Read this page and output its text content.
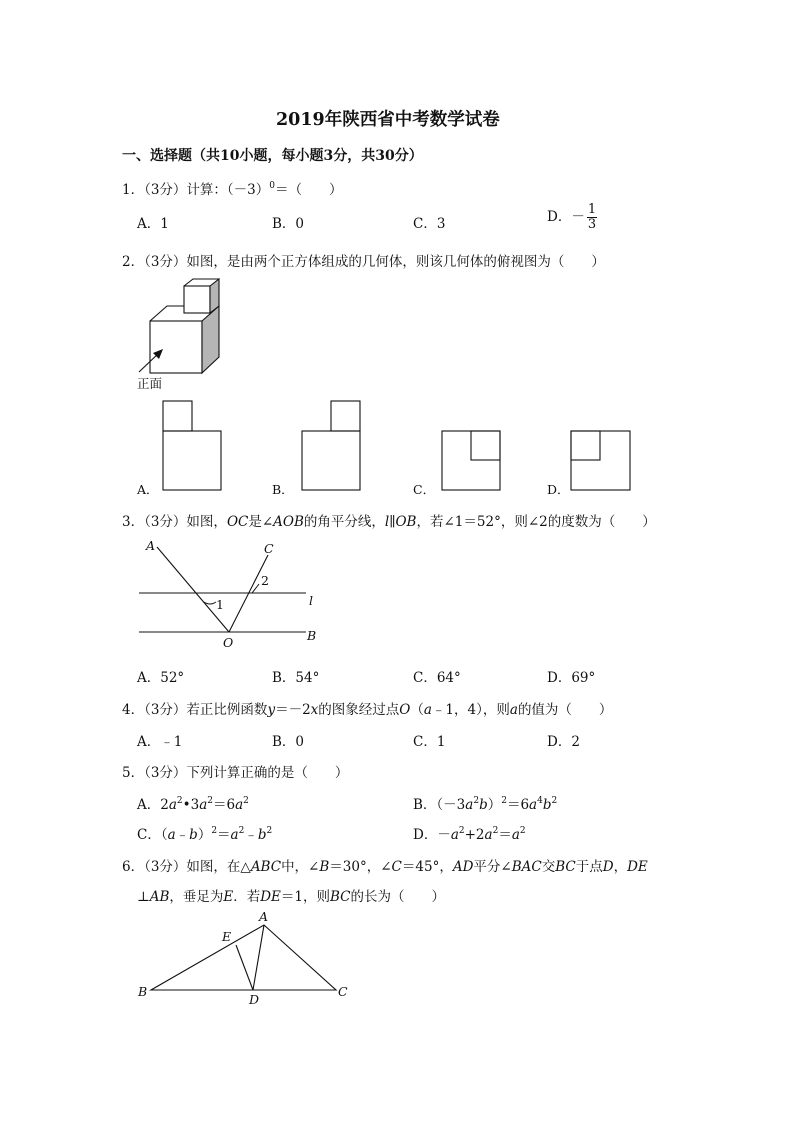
2019年陕西省中考数学试卷
一、选择题（共10小题，每小题3分，共30分）
1．（3分）计算：$(-3)^0=$（　　）
A．1	B．0	C．3	D．－ $\frac{1}{3}$
2．（3分）如图，是由两个正方体组成的几何体，则该几何体的俯视图为（　　）
正面
A．	B．	C．	D．
3．（3分）如图，OC是∠AOB的角平分线，l∥OB，若∠1＝52°，则∠2的度数为（　　）
A	C
2
1	l
O	B
A．52°	B．54°	C．64°	D．69°
4．（3分）若正比例函数y＝－2x的图象经过点O（a﹣1，4），则a的值为（　　）
A．﹣1	B．0	C．1	D．2
5．（3分）下列计算正确的是（　　）
A．$2a^2•3a^2=6a^2$	B．$(-3a^2b)^2=6a^4b^2$
C．$(a﹣b)^2=a^2﹣b^2$	D．$-a^2+2a^2=a^2$
6．（3分）如图，在△ABC中，∠B＝30°，∠C＝45°，AD平分∠BAC交BC于点D，DE
⊥AB，垂足为E．若DE＝1，则BC的长为（　　）
A
E
B
D
C
